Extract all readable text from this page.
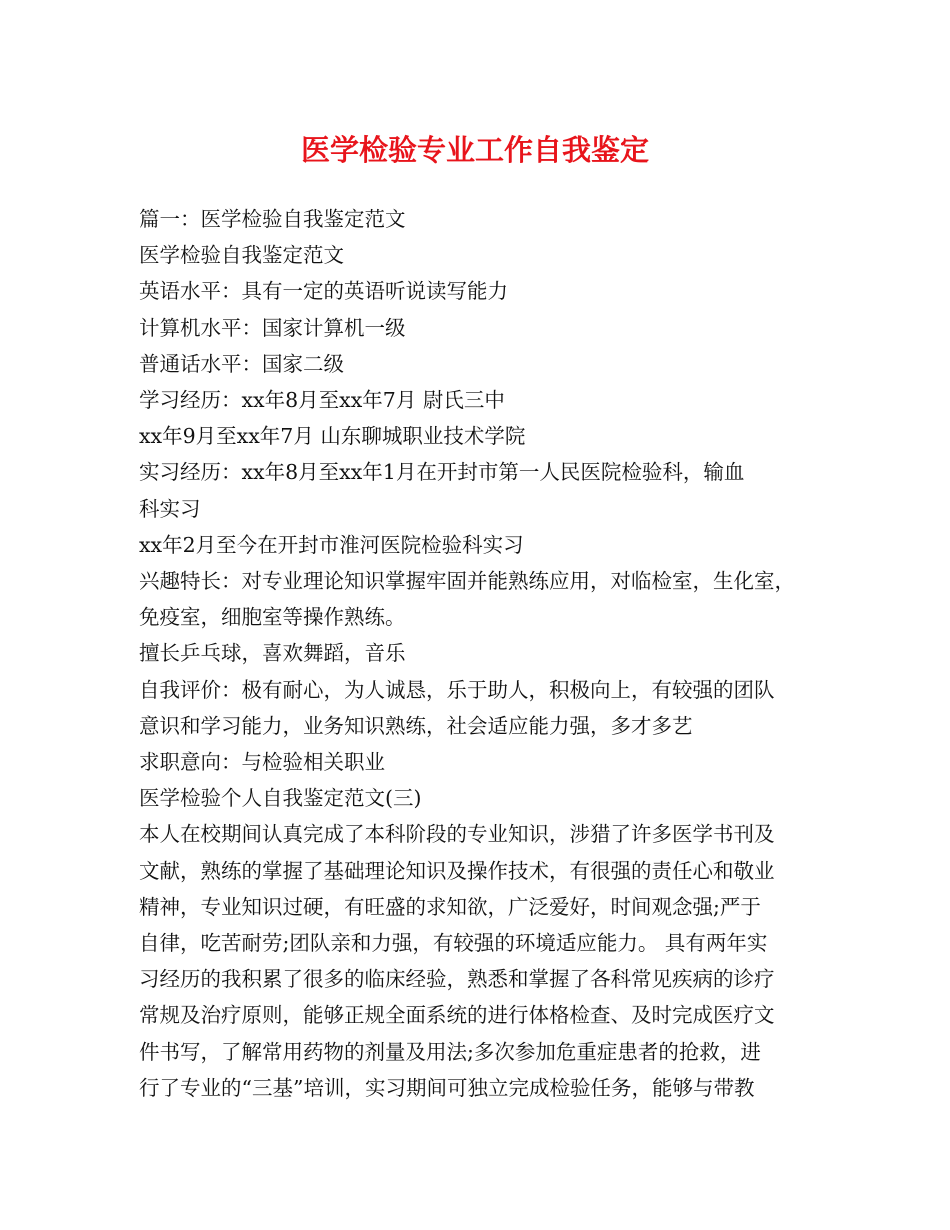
医学检验专业工作自我鉴定

篇一：医学检验自我鉴定范文

医学检验自我鉴定范文

英语水平：具有一定的英语听说读写能力

计算机水平：国家计算机一级

普通话水平：国家二级

学习经历：xx年8月至xx年7月 尉氏三中

xx年9月至xx年7月 山东聊城职业技术学院

实习经历：xx年8月至xx年1月在开封市第一人民医院检验科，输血

科实习

xx年2月至今在开封市淮河医院检验科实习

兴趣特长：对专业理论知识掌握牢固并能熟练应用，对临检室，生化室，

免疫室，细胞室等操作熟练。

擅长乒乓球，喜欢舞蹈，音乐

自我评价：极有耐心，为人诚恳，乐于助人，积极向上，有较强的团队

意识和学习能力，业务知识熟练，社会适应能力强，多才多艺

求职意向：与检验相关职业

医学检验个人自我鉴定范文(三)

本人在校期间认真完成了本科阶段的专业知识，涉猎了许多医学书刊及

文献，熟练的掌握了基础理论知识及操作技术，有很强的责任心和敬业

精神，专业知识过硬，有旺盛的求知欲，广泛爱好，时间观念强;严于

自律，吃苦耐劳;团队亲和力强，有较强的环境适应能力。 具有两年实

习经历的我积累了很多的临床经验，熟悉和掌握了各科常见疾病的诊疗

常规及治疗原则，能够正规全面系统的进行体格检查、及时完成医疗文

件书写，了解常用药物的剂量及用法;多次参加危重症患者的抢救，进

行了专业的“三基”培训，实习期间可独立完成检验任务，能够与带教
